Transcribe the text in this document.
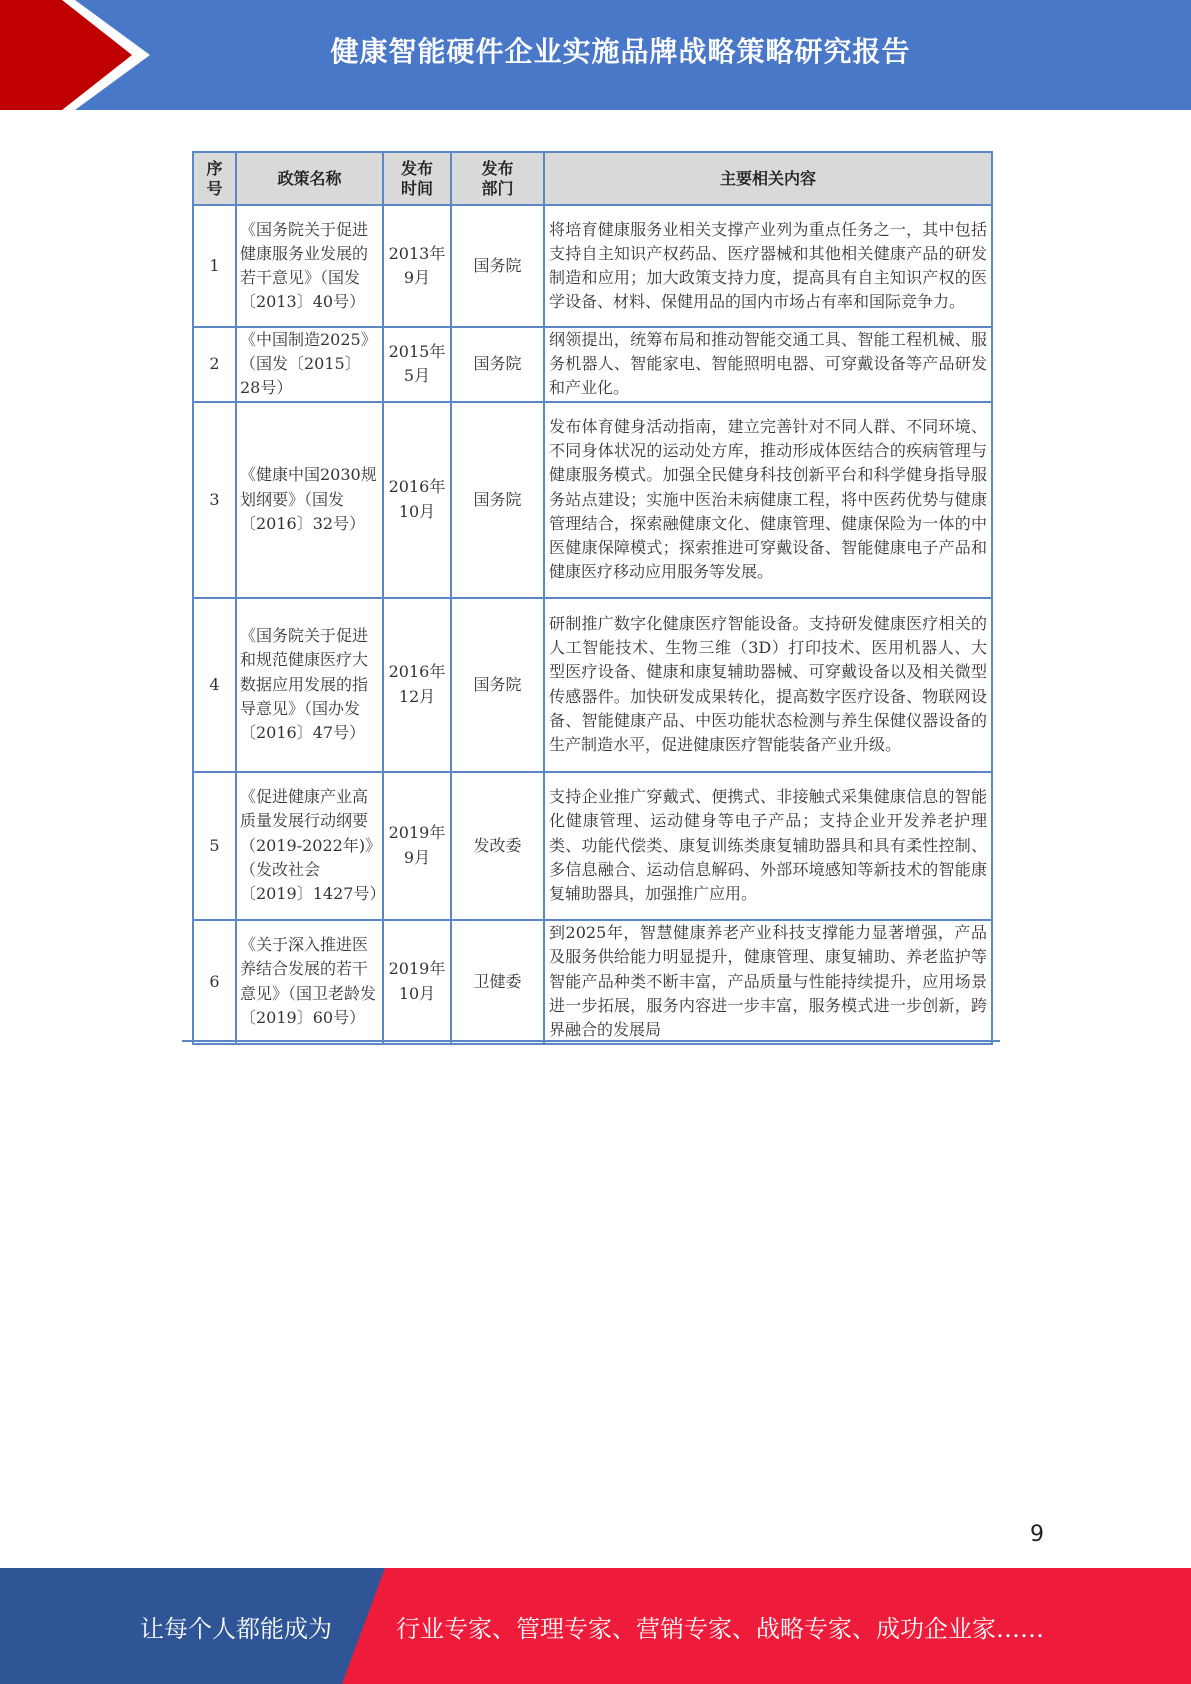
健康智能硬件企业实施品牌战略策略研究报告
序号	政策名称	发布时间	发布部门	主要相关内容
1	《国务院关于促进健康服务业发展的若干意见》（国发〔2013〕40号）	2013年9月	国务院	将培育健康服务业相关支撑产业列为重点任务之一，其中包括支持自主知识产权药品、医疗器械和其他相关健康产品的研发制造和应用；加大政策支持力度，提高具有自主知识产权的医学设备、材料、保健用品的国内市场占有率和国际竞争力。
2	《中国制造2025》（国发〔2015〕28号）	2015年5月	国务院	纲领提出，统筹布局和推动智能交通工具、智能工程机械、服务机器人、智能家电、智能照明电器、可穿戴设备等产品研发和产业化。
3	《健康中国2030规划纲要》（国发〔2016〕32号）	2016年10月	国务院	发布体育健身活动指南，建立完善针对不同人群、不同环境、不同身体状况的运动处方库，推动形成体医结合的疾病管理与健康服务模式。加强全民健身科技创新平台和科学健身指导服务站点建设；实施中医治未病健康工程，将中医药优势与健康管理结合，探索融健康文化、健康管理、健康保险为一体的中医健康保障模式；探索推进可穿戴设备、智能健康电子产品和健康医疗移动应用服务等发展。
4	《国务院关于促进和规范健康医疗大数据应用发展的指导意见》（国办发〔2016〕47号）	2016年12月	国务院	研制推广数字化健康医疗智能设备。支持研发健康医疗相关的人工智能技术、生物三维（3D）打印技术、医用机器人、大型医疗设备、健康和康复辅助器械、可穿戴设备以及相关微型传感器件。加快研发成果转化，提高数字医疗设备、物联网设备、智能健康产品、中医功能状态检测与养生保健仪器设备的生产制造水平，促进健康医疗智能装备产业升级。
5	《促进健康产业高质量发展行动纲要（2019-2022年)》（发改社会〔2019〕1427号）	2019年9月	发改委	支持企业推广穿戴式、便携式、非接触式采集健康信息的智能化健康管理、运动健身等电子产品；支持企业开发养老护理类、功能代偿类、康复训练类康复辅助器具和具有柔性控制、多信息融合、运动信息解码、外部环境感知等新技术的智能康复辅助器具，加强推广应用。
6	《关于深入推进医养结合发展的若干意见》（国卫老龄发〔2019〕60号）	2019年10月	卫健委	到2025年，智慧健康养老产业科技支撑能力显著增强，产品及服务供给能力明显提升，健康管理、康复辅助、养老监护等智能产品种类不断丰富，产品质量与性能持续提升，应用场景进一步拓展，服务内容进一步丰富，服务模式进一步创新，跨界融合的发展局
9
让每个人都能成为	行业专家、管理专家、营销专家、战略专家、成功企业家……
